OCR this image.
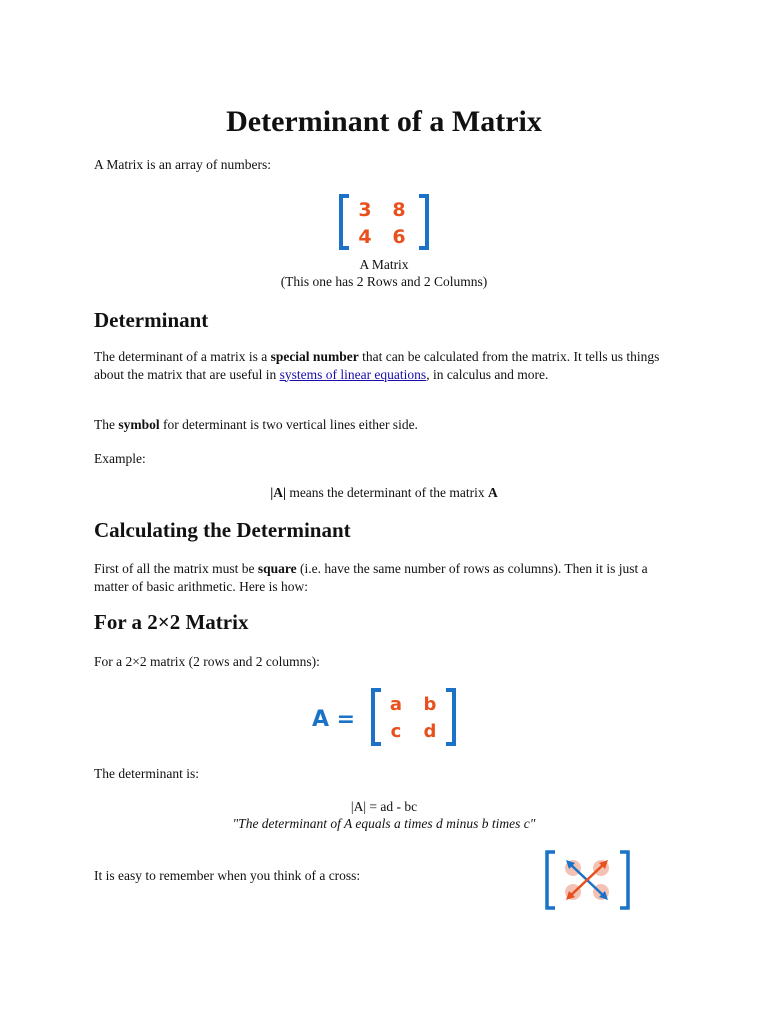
Determinant of a Matrix

A Matrix is an array of numbers:

3 8
4 6

A Matrix

(This one has 2 Rows and 2 Columns)

Determinant

The determinant of a matrix is a special number that can be calculated from the matrix. It tells us things about the matrix that are useful in systems of linear equations, in calculus and more.

The symbol for determinant is two vertical lines either side.

Example:

|A| means the determinant of the matrix A

Calculating the Determinant

First of all the matrix must be square (i.e. have the same number of rows as columns). Then it is just a matter of basic arithmetic. Here is how:

For a 2×2 Matrix

For a 2×2 matrix (2 rows and 2 columns):

A =
a b
c d

The determinant is:

|A| = ad - bc

"The determinant of A equals a times d minus b times c"

It is easy to remember when you think of a cross:
